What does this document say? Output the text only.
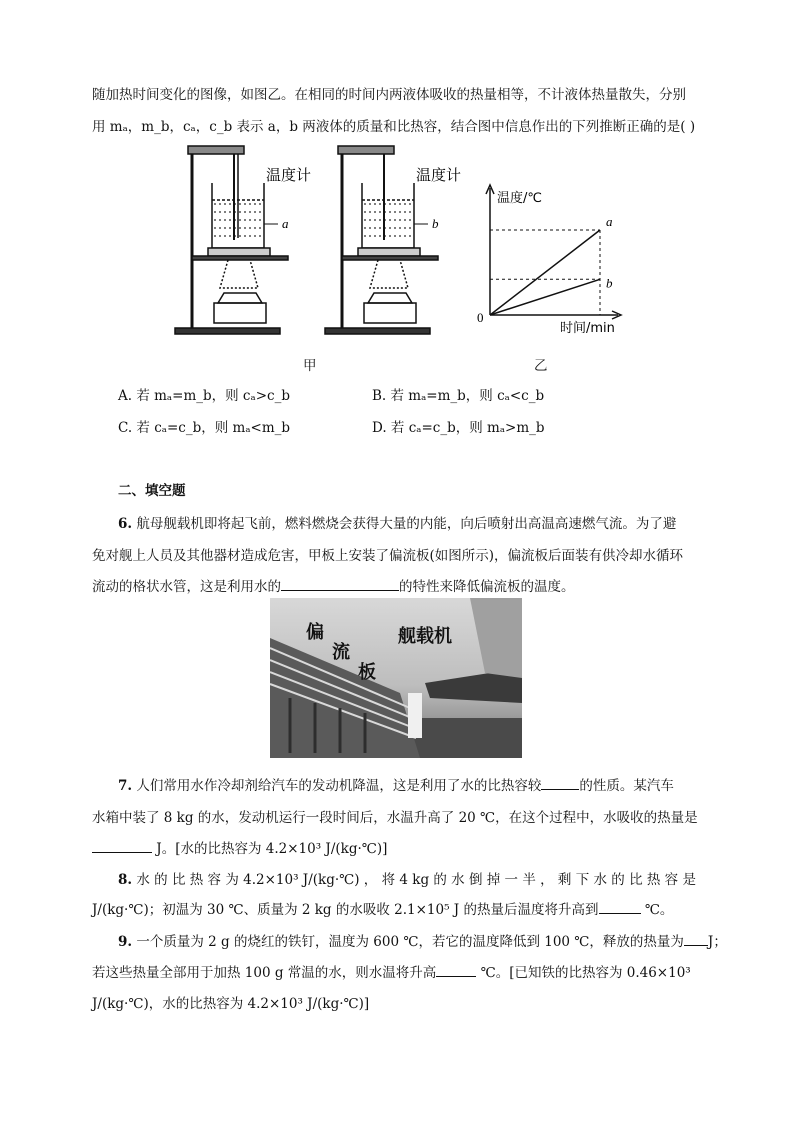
随加热时间变化的图像，如图乙。在相同的时间内两液体吸收的热量相等，不计液体热量散失，分别
用 mₐ，m_b，cₐ，c_b 表示 a，b 两液体的质量和比热容，结合图中信息作出的下列推断正确的是( )
a
温度计
b
温度计
温度/℃
时间/min
0
a
b
甲	乙
A. 若 mₐ=m_b，则 cₐ>c_b	B. 若 mₐ=m_b，则 cₐ<c_b
C. 若 cₐ=c_b，则 mₐ<m_b	D. 若 cₐ=c_b，则 mₐ>m_b
二、填空题
6. 航母舰载机即将起飞前，燃料燃烧会获得大量的内能，向后喷射出高温高速燃气流。为了避
免对舰上人员及其他器材造成危害，甲板上安装了偏流板(如图所示)，偏流板后面装有供冷却水循环
流动的格状水管，这是利用水的	的特性来降低偏流板的温度。
偏
流
板
舰载机
7. 人们常用水作冷却剂给汽车的发动机降温，这是利用了水的比热容较	的性质。某汽车
水箱中装了 8 kg 的水，发动机运行一段时间后，水温升高了 20 ℃，在这个过程中，水吸收的热量是
J。[水的比热容为 4.2×10³ J/(kg·℃)]
8. 水 的 比 热 容 为 4.2×10³ J/(kg·℃) ， 将 4 kg 的 水 倒 掉 一 半 ， 剩 下 水 的 比 热 容 是
J/(kg·℃)；初温为 30 ℃、质量为 2 kg 的水吸收 2.1×10⁵ J 的热量后温度将升高到	℃。
9. 一个质量为 2 g 的烧红的铁钉，温度为 600 ℃，若它的温度降低到 100 ℃，释放的热量为 J；
若这些热量全部用于加热 100 g 常温的水，则水温将升高	℃。[已知铁的比热容为 0.46×10³
J/(kg·℃)，水的比热容为 4.2×10³ J/(kg·℃)]
